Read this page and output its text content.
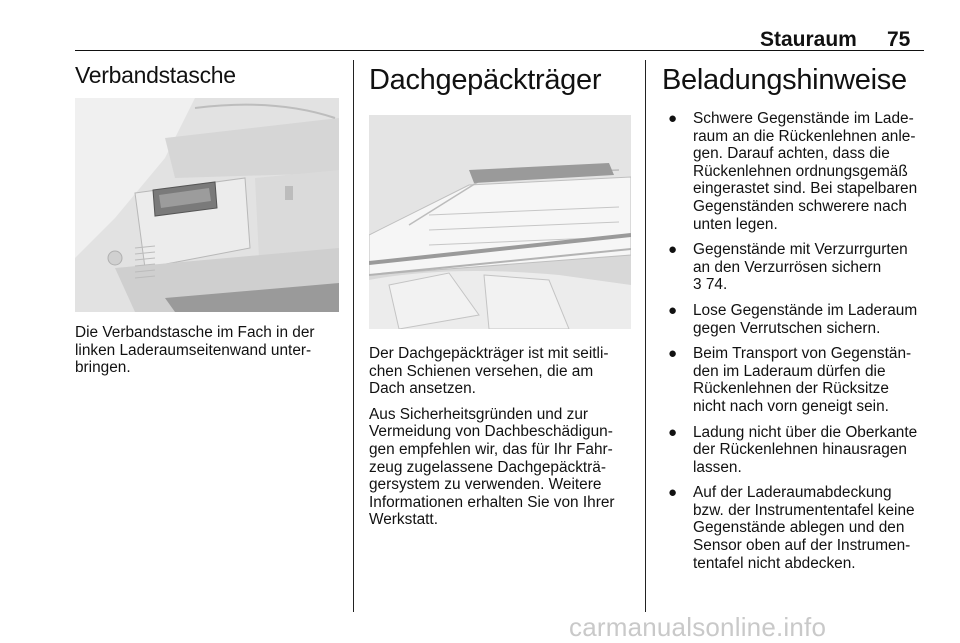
Stauraum 75
Verbandstasche

Die Verbandstasche im Fach in der
linken Laderaumseitenwand unter-
bringen.

Dachgepäckträger

Der Dachgepäckträger ist mit seitli-
chen Schienen versehen, die am
Dach ansetzen.

Aus Sicherheitsgründen und zur
Vermeidung von Dachbeschädigun-
gen empfehlen wir, das für Ihr Fahr-
zeug zugelassene Dachgepäckträ-
gersystem zu verwenden. Weitere
Informationen erhalten Sie von Ihrer
Werkstatt.

Beladungshinweise
● Schwere Gegenstände im Lade-
raum an die Rückenlehnen anle-
gen. Darauf achten, dass die
Rückenlehnen ordnungsgemäß
eingerastet sind. Bei stapelbaren
Gegenständen schwerere nach
unten legen.
● Gegenstände mit Verzurrgurten
an den Verzurrösen sichern
3 74.
● Lose Gegenstände im Laderaum
gegen Verrutschen sichern.
● Beim Transport von Gegenstän-
den im Laderaum dürfen die
Rückenlehnen der Rücksitze
nicht nach vorn geneigt sein.
● Ladung nicht über die Oberkante
der Rückenlehnen hinausragen
lassen.
● Auf der Laderaumabdeckung
bzw. der Instrumententafel keine
Gegenstände ablegen und den
Sensor oben auf der Instrumen-
tentafel nicht abdecken.
carmanualsonline.info
